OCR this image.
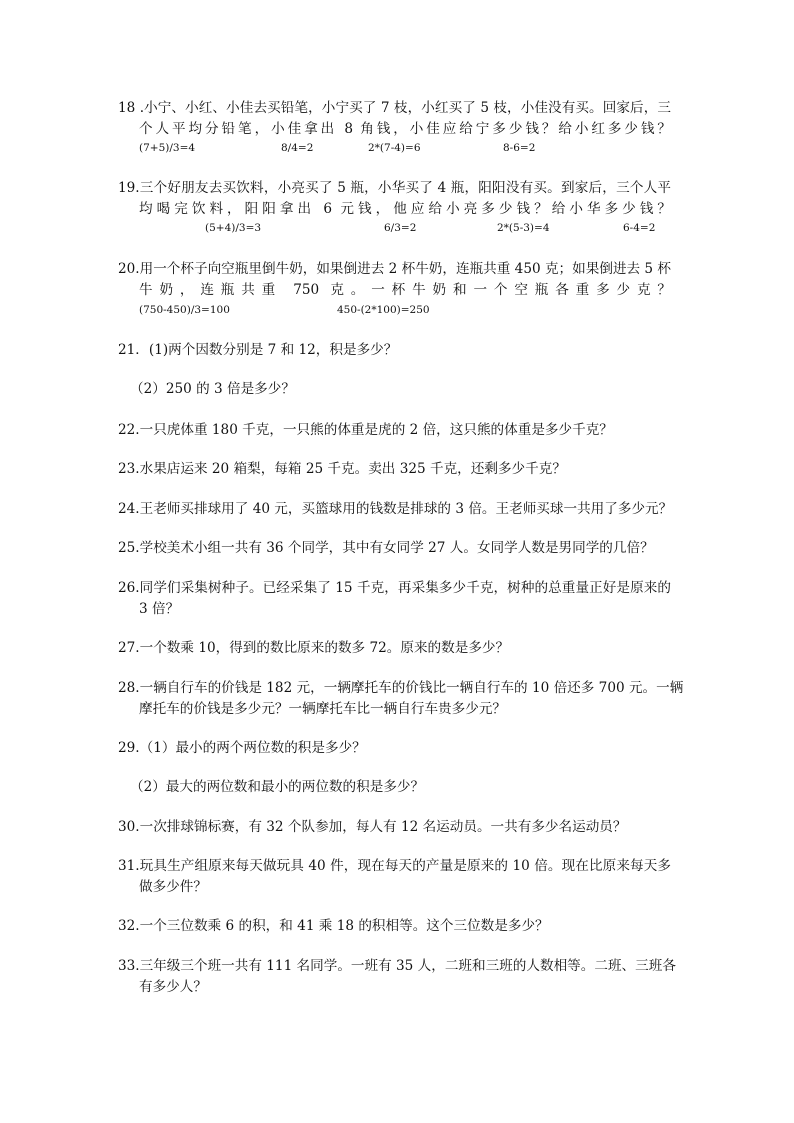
18 .小宁、小红、小佳去买铅笔，小宁买了 7 枝，小红买了 5 枝，小佳没有买。回家后，三
个人平均分铅笔，小佳拿出 8 角钱，小佳应给宁多少钱？给小红多少钱？
(7+5)/3=4	8/4=2	2*(7-4)=6	8-6=2
19.三个好朋友去买饮料，小亮买了 5 瓶，小华买了 4 瓶，阳阳没有买。到家后，三个人平
均喝完饮料，阳阳拿出 6 元钱，他应给小亮多少钱？给小华多少钱？
(5+4)/3=3	6/3=2	2*(5-3)=4	6-4=2
20.用一个杯子向空瓶里倒牛奶，如果倒进去 2 杯牛奶，连瓶共重 450 克；如果倒进去 5 杯
牛奶，连瓶共重 750 克。一杯牛奶和一个空瓶各重多少克？
(750-450)/3=100	450-(2*100)=250
21．(1)两个因数分别是 7 和 12，积是多少？
（2）250 的 3 倍是多少？
22.一只虎体重 180 千克，一只熊的体重是虎的 2 倍，这只熊的体重是多少千克？
23.水果店运来 20 箱梨，每箱 25 千克。卖出 325 千克，还剩多少千克？
24.王老师买排球用了 40 元，买篮球用的钱数是排球的 3 倍。王老师买球一共用了多少元？
25.学校美术小组一共有 36 个同学，其中有女同学 27 人。女同学人数是男同学的几倍？
26.同学们采集树种子。已经采集了 15 千克，再采集多少千克，树种的总重量正好是原来的
3 倍？
27.一个数乘 10，得到的数比原来的数多 72。原来的数是多少？
28.一辆自行车的价钱是 182 元，一辆摩托车的价钱比一辆自行车的 10 倍还多 700 元。一辆
摩托车的价钱是多少元？一辆摩托车比一辆自行车贵多少元？
29.（1）最小的两个两位数的积是多少？
（2）最大的两位数和最小的两位数的积是多少？
30.一次排球锦标赛，有 32 个队参加，每人有 12 名运动员。一共有多少名运动员？
31.玩具生产组原来每天做玩具 40 件，现在每天的产量是原来的 10 倍。现在比原来每天多
做多少件？
32.一个三位数乘 6 的积，和 41 乘 18 的积相等。这个三位数是多少？
33.三年级三个班一共有 111 名同学。一班有 35 人，二班和三班的人数相等。二班、三班各
有多少人？
